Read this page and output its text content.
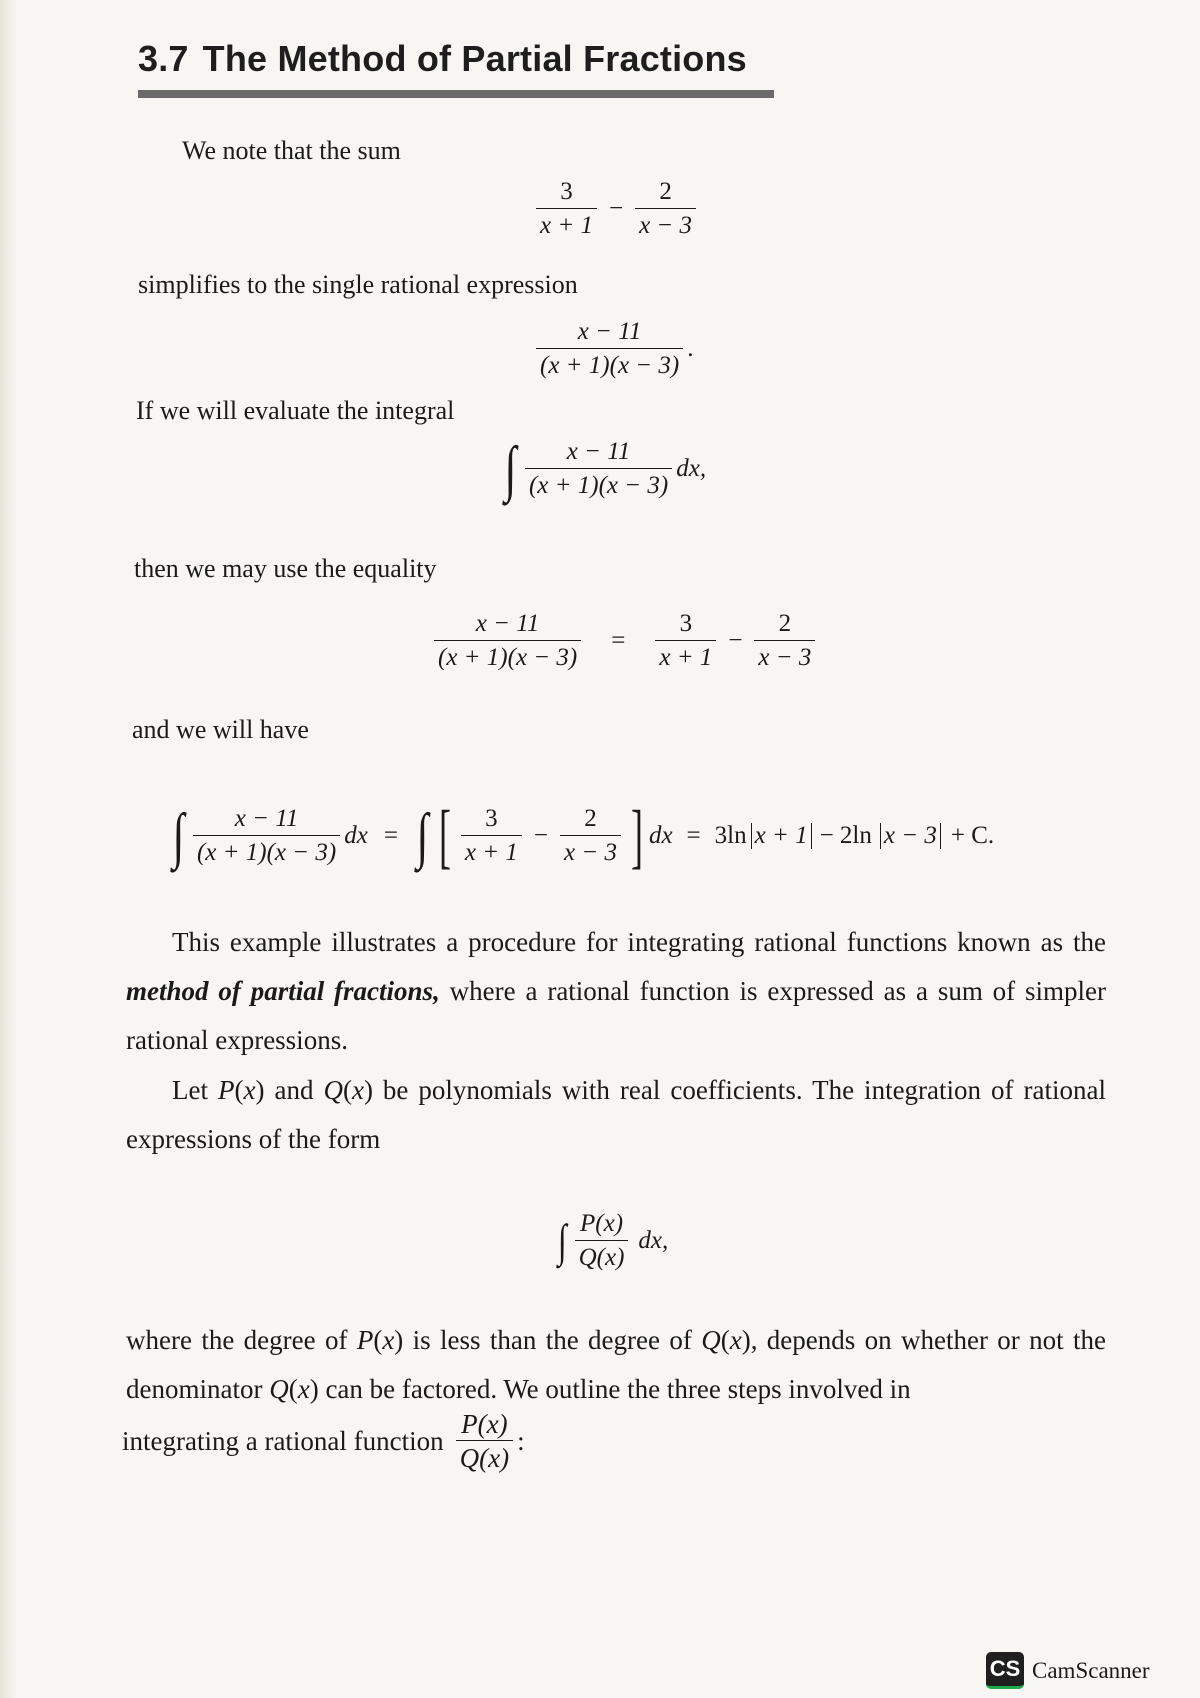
3.7 The Method of Partial Fractions
We note that the sum
$\frac{3}{x + 1} - \frac{2}{x - 3}$
simplifies to the single rational expression
$\frac{x - 11}{(x + 1)(x - 3)}$ .
If we will evaluate the integral
∫ $\frac{x - 11}{(x + 1)(x - 3)}$ dx,
then we may use the equality
$\frac{x - 11}{(x + 1)(x - 3)} = \frac{3}{x + 1} - \frac{2}{x - 3}$
and we will have
∫ $\frac{x - 11}{(x + 1)(x - 3)}$ dx = ∫ [ $\frac{3}{x + 1} - \frac{2}{x - 3}$ ] dx = 3ln x + 1 − 2ln x − 3 + C.

This example illustrates a procedure for integrating rational functions known as the method of partial fractions, where a rational function is expressed as a sum of simpler rational expressions.

Let P(x) and Q(x) be polynomials with real coefficients. The integration of rational expressions of the form

∫ $\frac{P(x)}{Q(x)}$ dx,

where the degree of P(x) is less than the degree of Q(x), depends on whether or not the denominator Q(x) can be factored. We outline the three steps involved in

integrating a rational function $\frac{P(x)}{Q(x)}$ :
CS CamScanner
